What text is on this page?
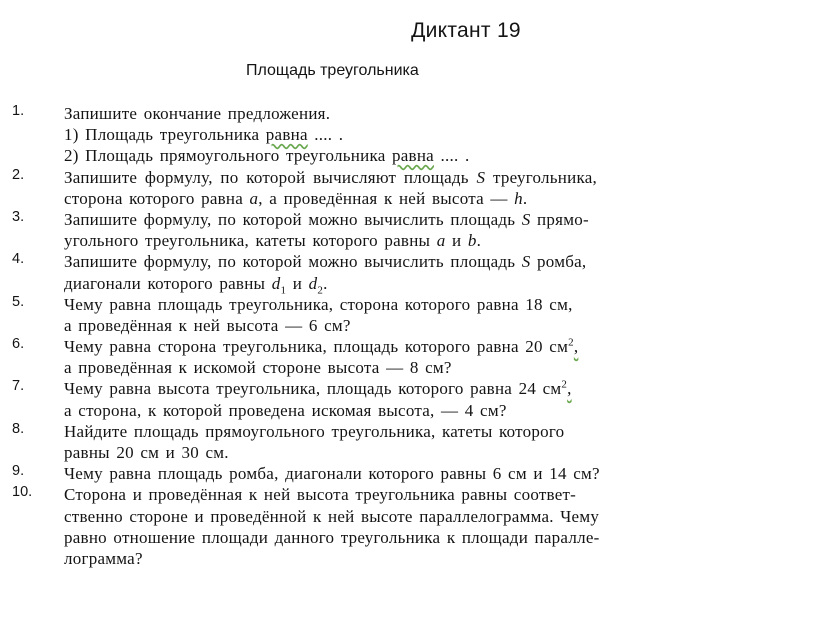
Диктант 19
Площадь треугольника
1. Запишите окончание предложения.
1) Площадь треугольника равна .... .
2) Площадь прямоугольного треугольника равна .... .
2. Запишите формулу, по которой вычисляют площадь S треугольника,
сторона которого равна a, а проведённая к ней высота — h.
3. Запишите формулу, по которой можно вычислить площадь S прямо-
угольного треугольника, катеты которого равны a и b.
4. Запишите формулу, по которой можно вычислить площадь S ромба,
диагонали которого равны $d_1$ и $d_2$.
5. Чему равна площадь треугольника, сторона которого равна 18 см,
а проведённая к ней высота — 6 см?
6. Чему равна сторона треугольника, площадь которого равна 20 $см^2$,
а проведённая к искомой стороне высота — 8 см?
7. Чему равна высота треугольника, площадь которого равна 24 $см^2$,
а сторона, к которой проведена искомая высота, — 4 см?
8. Найдите площадь прямоугольного треугольника, катеты которого
равны 20 см и 30 см.
9. Чему равна площадь ромба, диагонали которого равны 6 см и 14 см?
10. Сторона и проведённая к ней высота треугольника равны соответ-
ственно стороне и проведённой к ней высоте параллелограмма. Чему
равно отношение площади данного треугольника к площади паралле-
лограмма?
